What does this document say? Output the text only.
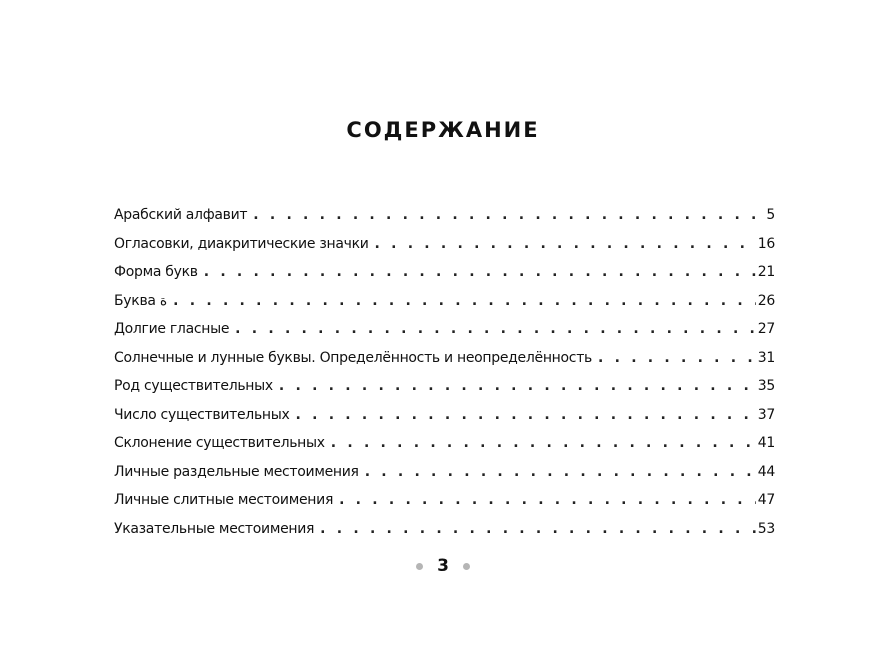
СОДЕРЖАНИЕ
Арабский алфавит . . .	5
Огласовки, диакритические значки . . .	16
Форма букв . . .	21
Буква ة . . .	26
Долгие гласные . . .	27
Солнечные и лунные буквы. Определённость и неопределённость . . .	31
Род существительных . . .	35
Число существительных . . .	37
Склонение существительных . . .	41
Личные раздельные местоимения . . .	44
Личные слитные местоимения . . .	47
Указательные местоимения . . .	53
3
